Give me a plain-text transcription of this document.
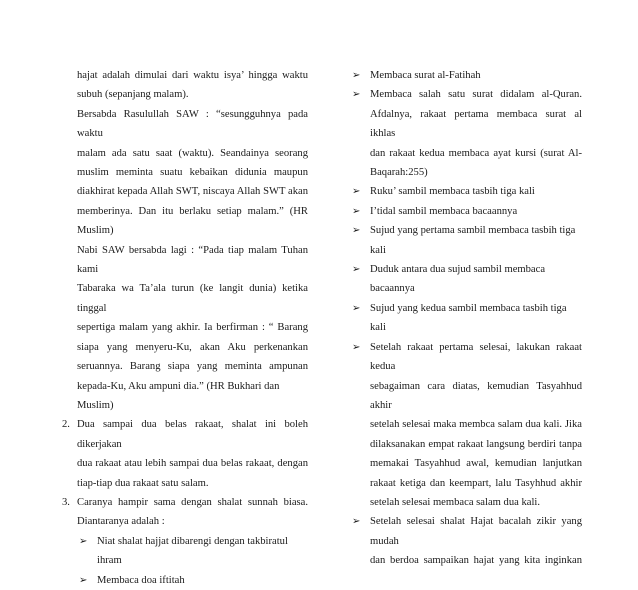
hajat adalah dimulai dari waktu isya’ hingga waktu

subuh (sepanjang malam).

Bersabda Rasulullah SAW : “sesungguhnya pada waktu

malam ada satu saat (waktu). Seandainya seorang

muslim meminta suatu kebaikan didunia maupun

diakhirat kepada Allah SWT, niscaya Allah SWT akan

memberinya. Dan itu berlaku setiap malam.” (HR

Muslim)

Nabi SAW bersabda lagi : “Pada tiap malam Tuhan kami

Tabaraka wa Ta’ala turun (ke langit dunia) ketika tinggal

sepertiga malam yang akhir. Ia berfirman : “ Barang

siapa yang menyeru-Ku, akan Aku perkenankan

seruannya. Barang siapa yang meminta ampunan

kepada-Ku, Aku ampuni dia.” (HR Bukhari dan Muslim)

2. Dua sampai dua belas rakaat, shalat ini boleh dikerjakan

dua rakaat atau lebih sampai dua belas rakaat, dengan

tiap-tiap dua rakaat satu salam.

3. Caranya hampir sama dengan shalat sunnah biasa.

Diantaranya adalah :

➢ Niat shalat hajjat dibarengi dengan takbiratul ihram

➢ Membaca doa iftitah

➢ Membaca surat al-Fatihah

➢ Membaca salah satu surat didalam al-Quran.

Afdalnya, rakaat pertama membaca surat al ikhlas

dan rakaat kedua membaca ayat kursi (surat Al-

Baqarah:255)

➢ Ruku’ sambil membaca tasbih tiga kali

➢ I’tidal sambil membaca bacaannya

➢ Sujud yang pertama sambil membaca tasbih tiga kali

➢ Duduk antara dua sujud sambil membaca bacaannya

➢ Sujud yang kedua sambil membaca tasbih tiga kali

➢ Setelah rakaat pertama selesai, lakukan rakaat kedua

sebagaiman cara diatas, kemudian Tasyahhud akhir

setelah selesai maka membca salam dua kali. Jika

dilaksanakan empat rakaat langsung berdiri tanpa

memakai Tasyahhud awal, kemudian lanjutkan

rakaat ketiga dan keempart, lalu Tasyhhud akhir

setelah selesai membaca salam dua kali.

➢ Setelah selesai shalat Hajat bacalah zikir yang mudah

dan berdoa sampaikan hajat yang kita inginkan
